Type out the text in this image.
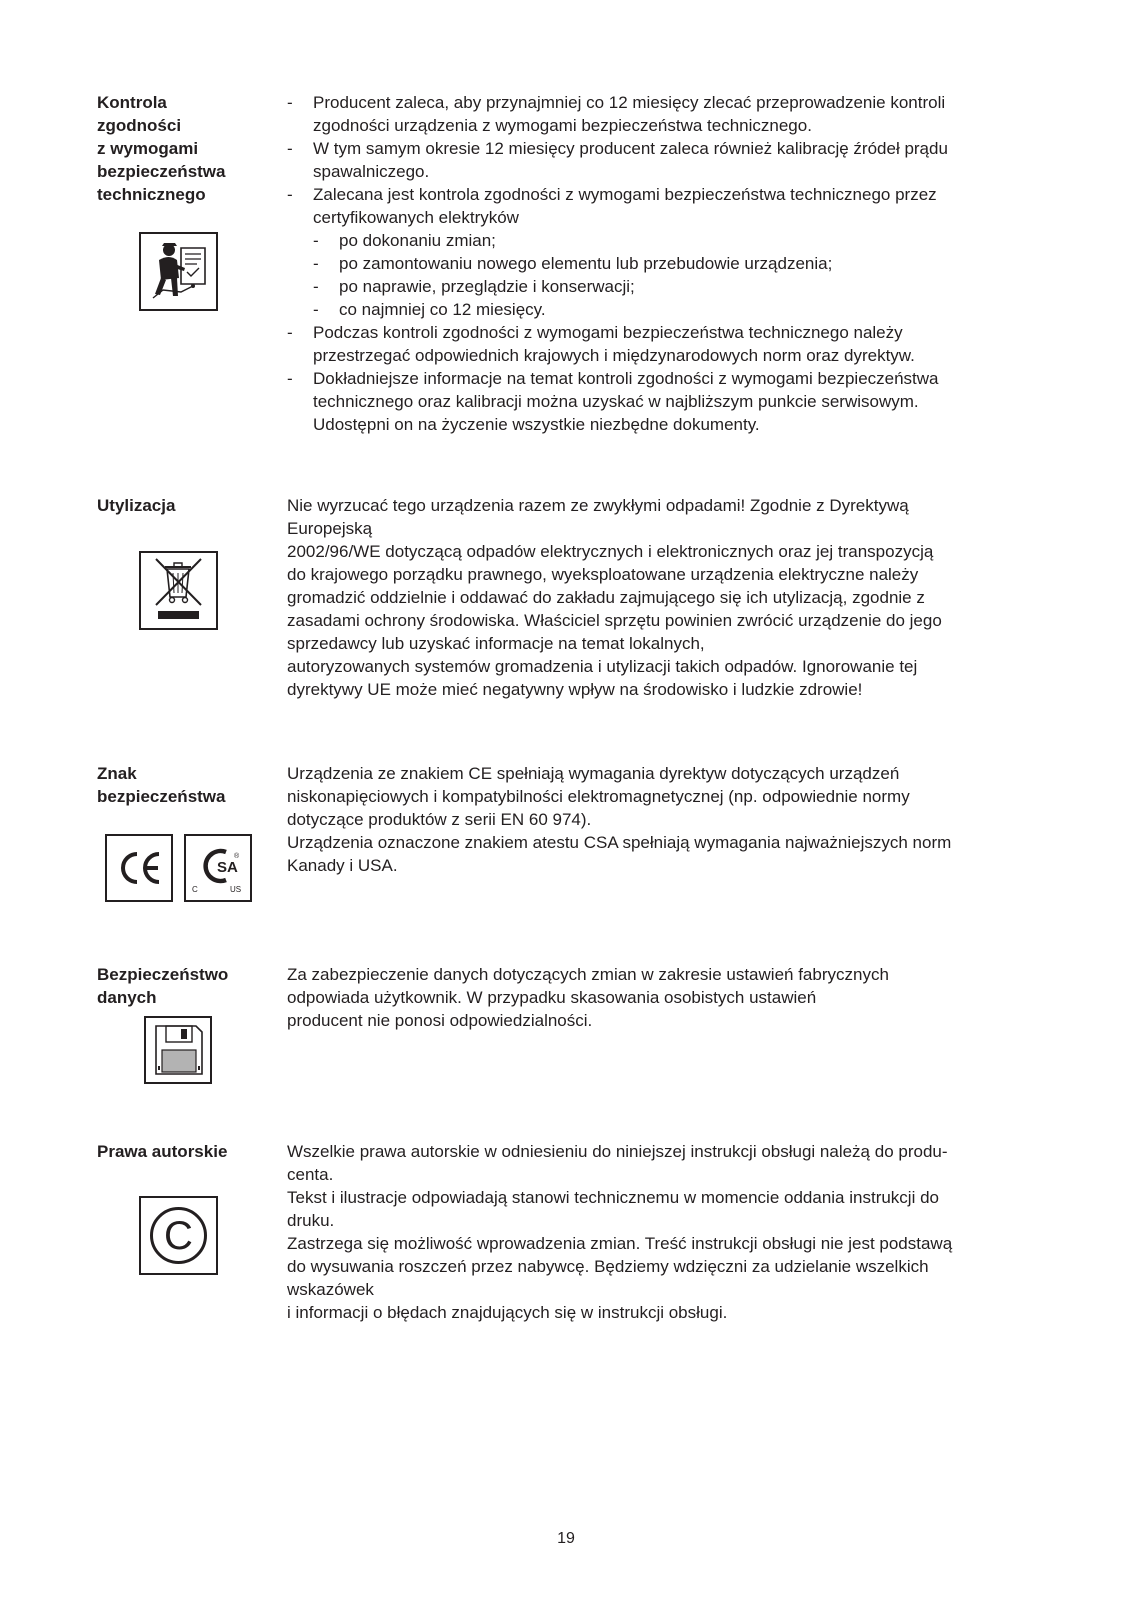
Kontrola
zgodności
z wymogami
bezpieczeństwa
technicznego
- Producent zaleca, aby przynajmniej co 12 miesięcy zlecać przeprowadzenie kontroli
zgodności urządzenia z wymogami bezpieczeństwa technicznego.
- W tym samym okresie 12 miesięcy producent zaleca również kalibrację źródeł prądu
spawalniczego.
- Zalecana jest kontrola zgodności z wymogami bezpieczeństwa technicznego przez
certyfikowanych elektryków
- po dokonaniu zmian;
- po zamontowaniu nowego elementu lub przebudowie urządzenia;
- po naprawie, przeglądzie i konserwacji;
- co najmniej co 12 miesięcy.
- Podczas kontroli zgodności z wymogami bezpieczeństwa technicznego należy
przestrzegać odpowiednich krajowych i międzynarodowych norm oraz dyrektyw.
- Dokładniejsze informacje na temat kontroli zgodności z wymogami bezpieczeństwa
technicznego oraz kalibracji można uzyskać w najbliższym punkcie serwisowym.
Udostępni on na życzenie wszystkie niezbędne dokumenty.
Utylizacja	Nie wyrzucać tego urządzenia razem ze zwykłymi odpadami! Zgodnie z Dyrektywą
Europejską
2002/96/WE dotyczącą odpadów elektrycznych i elektronicznych oraz jej transpozycją
do krajowego porządku prawnego, wyeksploatowane urządzenia elektryczne należy
gromadzić oddzielnie i oddawać do zakładu zajmującego się ich utylizacją, zgodnie z
zasadami ochrony środowiska. Właściciel sprzętu powinien zwrócić urządzenie do jego
sprzedawcy lub uzyskać informacje na temat lokalnych,
autoryzowanych systemów gromadzenia i utylizacji takich odpadów. Ignorowanie tej
dyrektywy UE może mieć negatywny wpływ na środowisko i ludzkie zdrowie!
Znak
bezpieczeństwa
SA
®
C	US
Urządzenia ze znakiem CE spełniają wymagania dyrektyw dotyczących urządzeń
niskonapięciowych i kompatybilności elektromagnetycznej (np. odpowiednie normy
dotyczące produktów z serii EN 60 974).
Urządzenia oznaczone znakiem atestu CSA spełniają wymagania najważniejszych norm
Kanady i USA.
Bezpieczeństwo
danych
Za zabezpieczenie danych dotyczących zmian w zakresie ustawień fabrycznych
odpowiada użytkownik. W przypadku skasowania osobistych ustawień
producent nie ponosi odpowiedzialności.
Prawa autorskie
C
Wszelkie prawa autorskie w odniesieniu do niniejszej instrukcji obsługi należą do produ-
centa.
Tekst i ilustracje odpowiadają stanowi technicznemu w momencie oddania instrukcji do
druku.
Zastrzega się możliwość wprowadzenia zmian. Treść instrukcji obsługi nie jest podstawą
do wysuwania roszczeń przez nabywcę. Będziemy wdzięczni za udzielanie wszelkich
wskazówek
i informacji o błędach znajdujących się w instrukcji obsługi.
19
